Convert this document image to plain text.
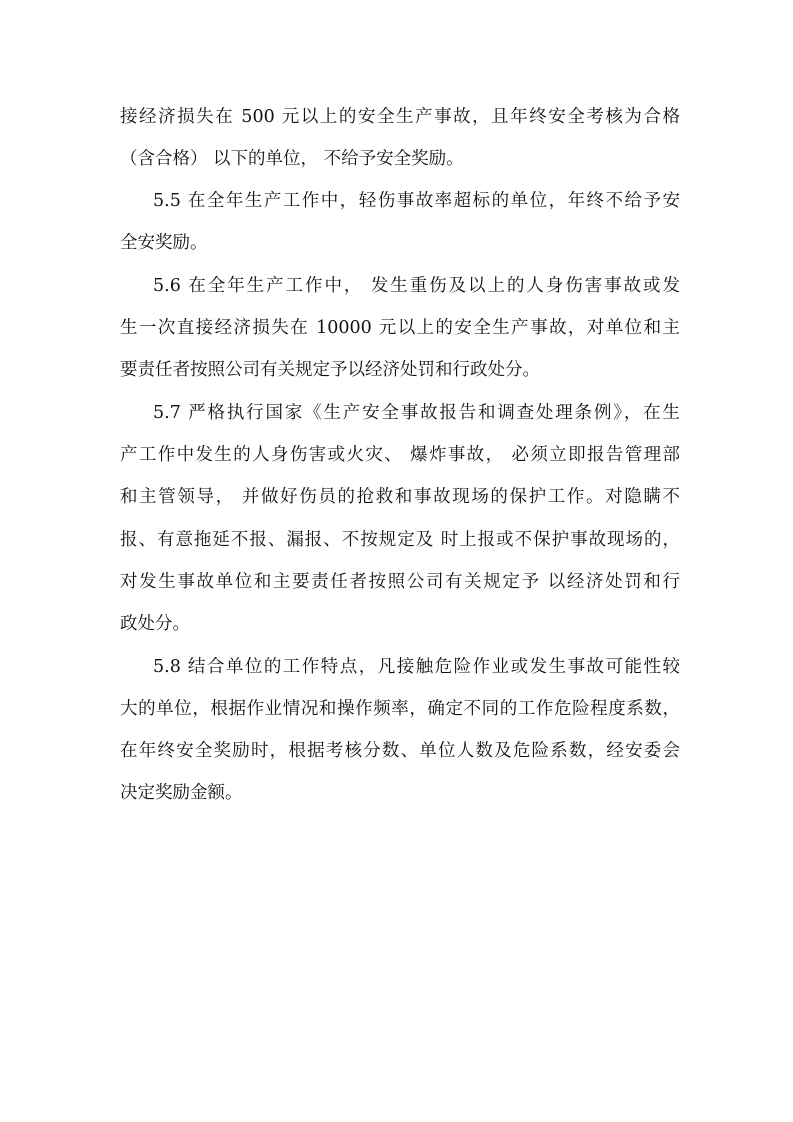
接经济损失在 500 元以上的安全生产事故，且年终安全考核为合格
（含合格） 以下的单位， 不给予安全奖励。
5.5 在全年生产工作中，轻伤事故率超标的单位，年终不给予安
全安奖励。
5.6 在全年生产工作中， 发生重伤及以上的人身伤害事故或发
生一次直接经济损失在 10000 元以上的安全生产事故，对单位和主
要责任者按照公司有关规定予以经济处罚和行政处分。
5.7 严格执行国家《生产安全事故报告和调查处理条例》，在生
产工作中发生的人身伤害或火灾、 爆炸事故， 必须立即报告管理部
和主管领导， 并做好伤员的抢救和事故现场的保护工作。对隐瞒不
报、有意拖延不报、漏报、不按规定及 时上报或不保护事故现场的，
对发生事故单位和主要责任者按照公司有关规定予 以经济处罚和行
政处分。
5.8 结合单位的工作特点，凡接触危险作业或发生事故可能性较
大的单位，根据作业情况和操作频率，确定不同的工作危险程度系数，
在年终安全奖励时，根据考核分数、单位人数及危险系数，经安委会
决定奖励金额。
